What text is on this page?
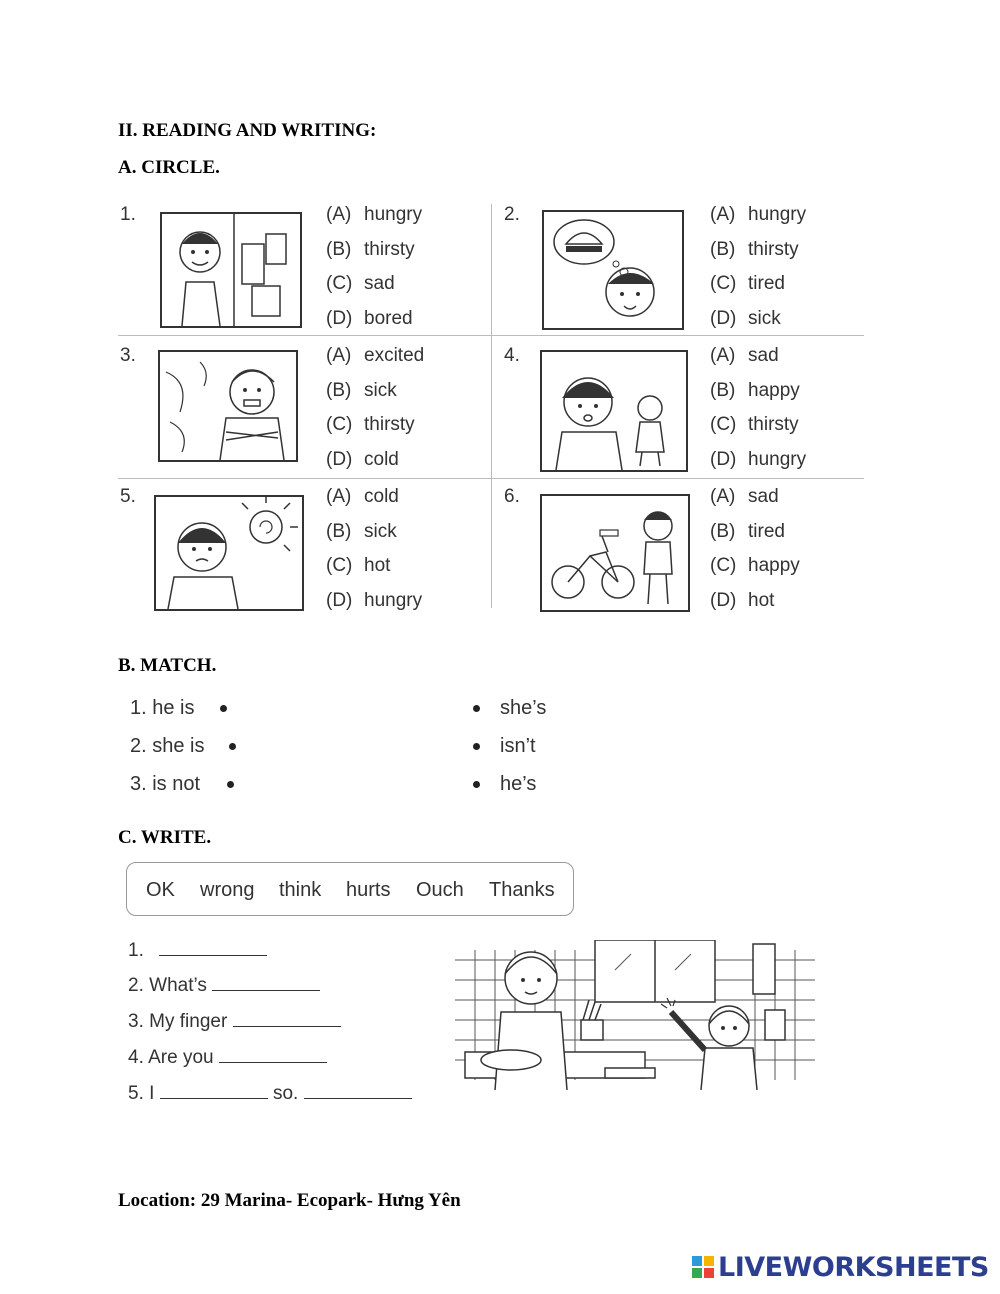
II. READING AND WRITING:
A. CIRCLE.
1.	(A) hungry
(B) thirsty
(C) sad
(D) bored
2.	(A) hungry
(B) thirsty
(C) tired
(D) sick
3.	(A) excited
(B) sick
(C) thirsty
(D) cold
4.	(A) sad
(B) happy
(C) thirsty
(D) hungry
5.	(A) cold
(B) sick
(C) hot
(D) hungry
6.	(A) sad
(B) tired
(C) happy
(D) hot
B. MATCH.
1. he is
2. she is
3. is not
she’s
isn’t
he’s
C. WRITE.
OK wrong think hurts Ouch Thanks
1.
2. What’s
3. My finger
4. Are you
5. I	so.
Location: 29 Marina- Ecopark- Hưng Yên
LIVEWORKSHEETS
